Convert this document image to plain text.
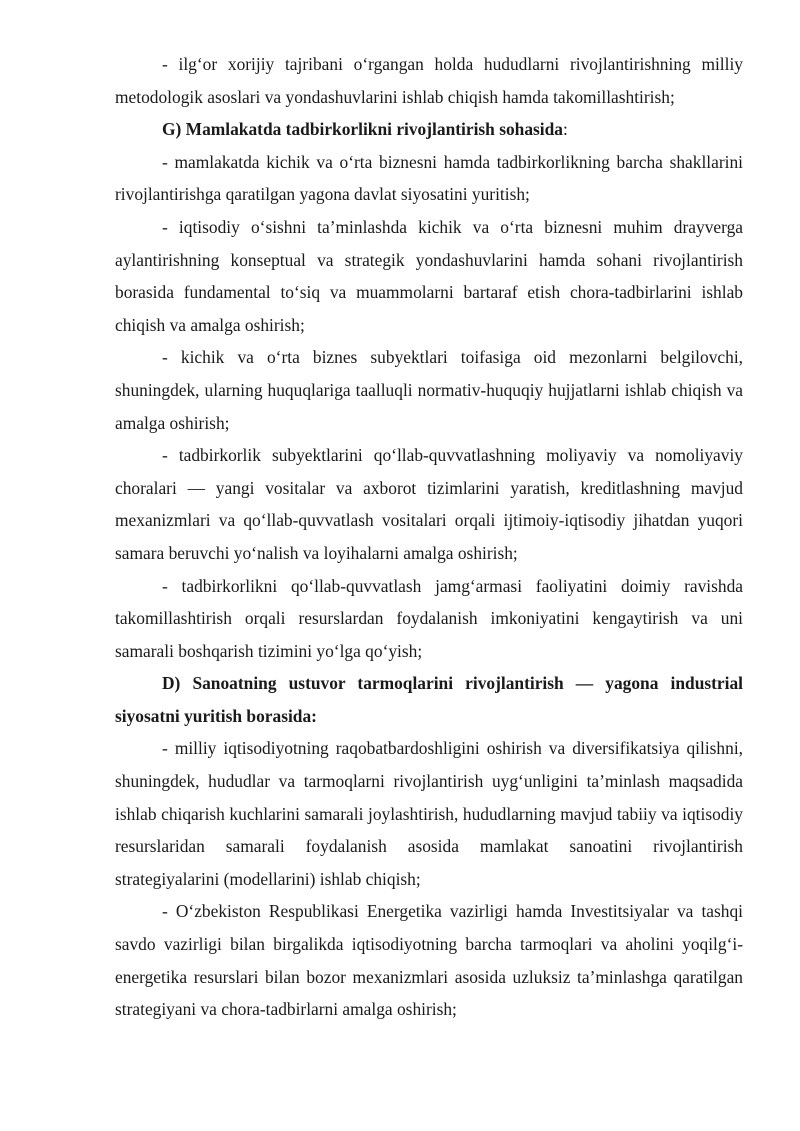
- ilg‘or xorijiy tajribani o‘rgangan holda hududlarni rivojlantirishning milliy metodologik asoslari va yondashuvlarini ishlab chiqish hamda takomillashtirish;

G) Mamlakatda tadbirkorlikni rivojlantirish sohasida:

- mamlakatda kichik va o‘rta biznesni hamda tadbirkorlikning barcha shakllarini rivojlantirishga qaratilgan yagona davlat siyosatini yuritish;

- iqtisodiy o‘sishni ta’minlashda kichik va o‘rta biznesni muhim drayverga aylantirishning konseptual va strategik yondashuvlarini hamda sohani rivojlantirish borasida fundamental to‘siq va muammolarni bartaraf etish chora-tadbirlarini ishlab chiqish va amalga oshirish;

- kichik va o‘rta biznes subyektlari toifasiga oid mezonlarni belgilovchi, shuningdek, ularning huquqlariga taalluqli normativ-huquqiy hujjatlarni ishlab chiqish va amalga oshirish;

- tadbirkorlik subyektlarini qo‘llab-quvvatlashning moliyaviy va nomoliyaviy choralari — yangi vositalar va axborot tizimlarini yaratish, kreditlashning mavjud mexanizmlari va qo‘llab-quvvatlash vositalari orqali ijtimoiy-iqtisodiy jihatdan yuqori samara beruvchi yo‘nalish va loyihalarni amalga oshirish;

- tadbirkorlikni qo‘llab-quvvatlash jamg‘armasi faoliyatini doimiy ravishda takomillashtirish orqali resurslardan foydalanish imkoniyatini kengaytirish va uni samarali boshqarish tizimini yo‘lga qo‘yish;

D) Sanoatning ustuvor tarmoqlarini rivojlantirish — yagona industrial siyosatni yuritish borasida:

- milliy iqtisodiyotning raqobatbardoshligini oshirish va diversifikatsiya qilishni, shuningdek, hududlar va tarmoqlarni rivojlantirish uyg‘unligini ta’minlash maqsadida ishlab chiqarish kuchlarini samarali joylashtirish, hududlarning mavjud tabiiy va iqtisodiy resurslaridan samarali foydalanish asosida mamlakat sanoatini rivojlantirish strategiyalarini (modellarini) ishlab chiqish;

- O‘zbekiston Respublikasi Energetika vazirligi hamda Investitsiyalar va tashqi savdo vazirligi bilan birgalikda iqtisodiyotning barcha tarmoqlari va aholini yoqilg‘i-energetika resurslari bilan bozor mexanizmlari asosida uzluksiz ta’minlashga qaratilgan strategiyani va chora-tadbirlarni amalga oshirish;
